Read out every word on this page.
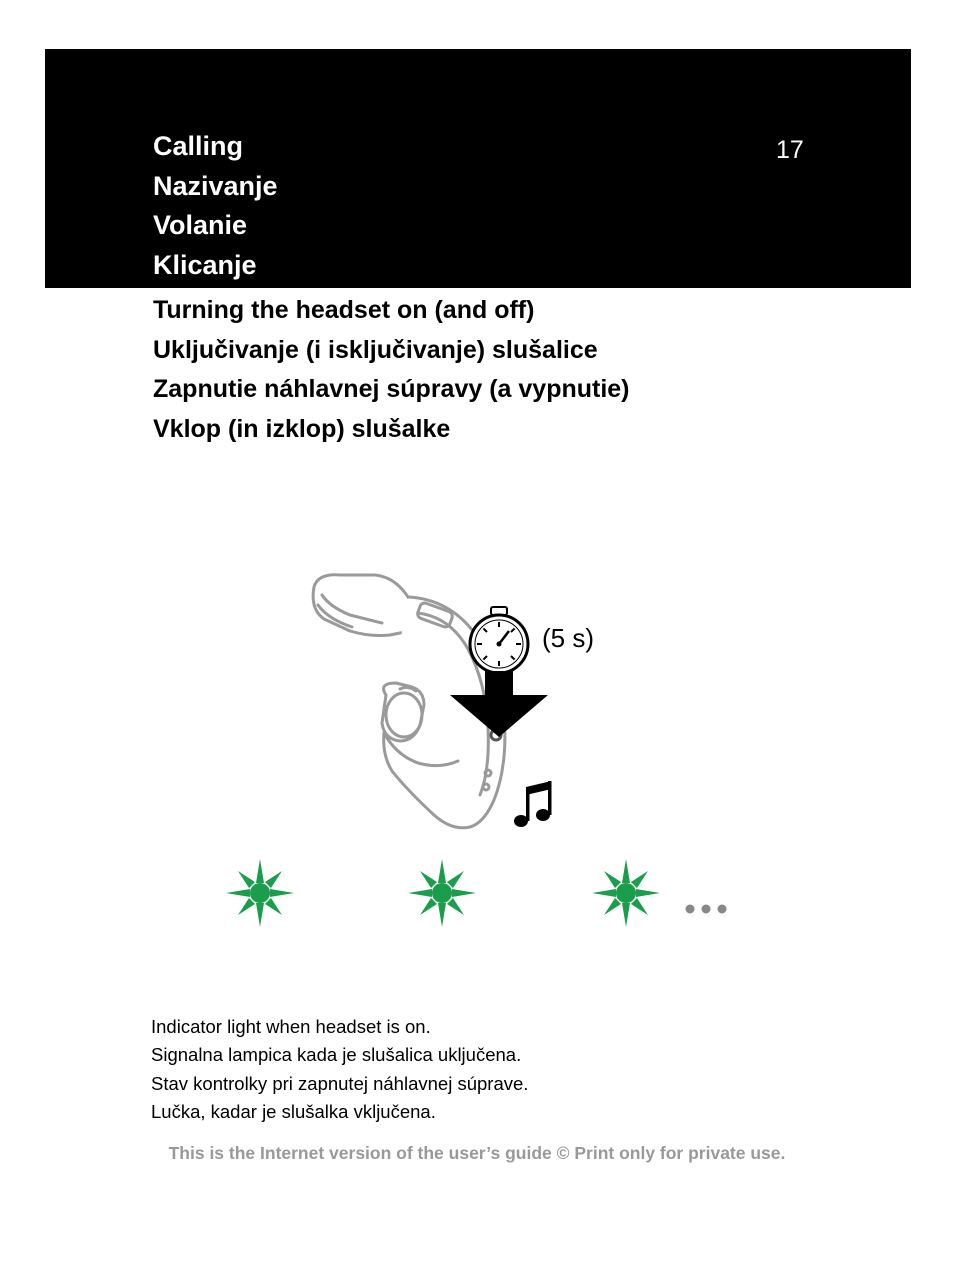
Calling
Nazivanje
Volanie
Klicanje
17
Turning the headset on (and off)
Uključivanje (i isključivanje) slušalice
Zapnutie náhlavnej súpravy (a vypnutie)
Vklop (in izklop) slušalke
(5 s)
Indicator light when headset is on.
Signalna lampica kada je slušalica uključena.
Stav kontrolky pri zapnutej náhlavnej súprave.
Lučka, kadar je slušalka vključena.
This is the Internet version of the user’s guide © Print only for private use.
